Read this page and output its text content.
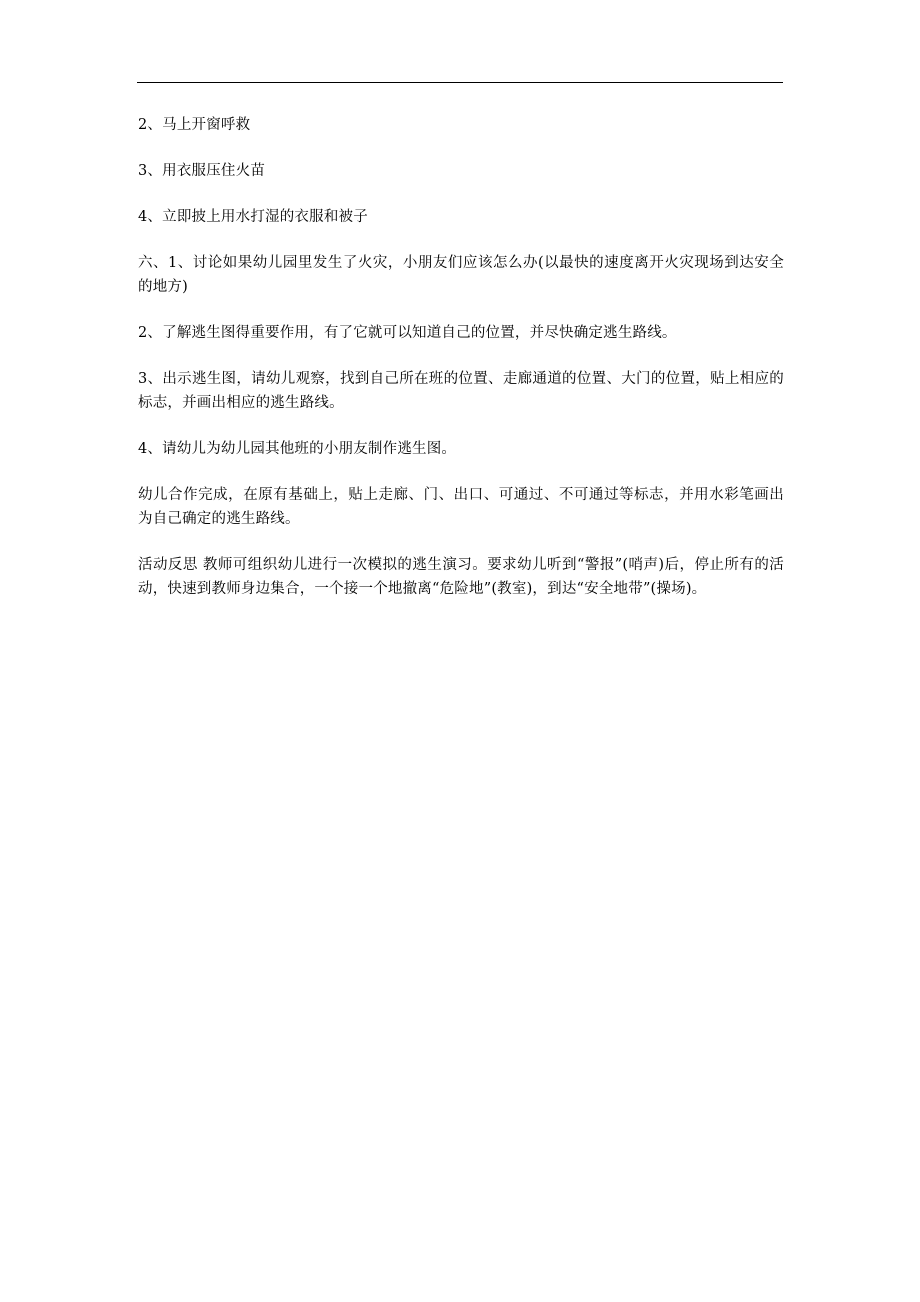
2、马上开窗呼救

3、用衣服压住火苗

4、立即披上用水打湿的衣服和被子

六、1、讨论如果幼儿园里发生了火灾，小朋友们应该怎么办(以最快的速度离开火灾现场到达安全的地方)

2、了解逃生图得重要作用，有了它就可以知道自己的位置，并尽快确定逃生路线。

3、出示逃生图，请幼儿观察，找到自己所在班的位置、走廊通道的位置、大门的位置，贴上相应的标志，并画出相应的逃生路线。

4、请幼儿为幼儿园其他班的小朋友制作逃生图。

幼儿合作完成，在原有基础上，贴上走廊、门、出口、可通过、不可通过等标志，并用水彩笔画出为自己确定的逃生路线。

活动反思 教师可组织幼儿进行一次模拟的逃生演习。要求幼儿听到“警报”(哨声)后，停止所有的活动，快速到教师身边集合，一个接一个地撤离“危险地”(教室)，到达“安全地带”(操场)。
